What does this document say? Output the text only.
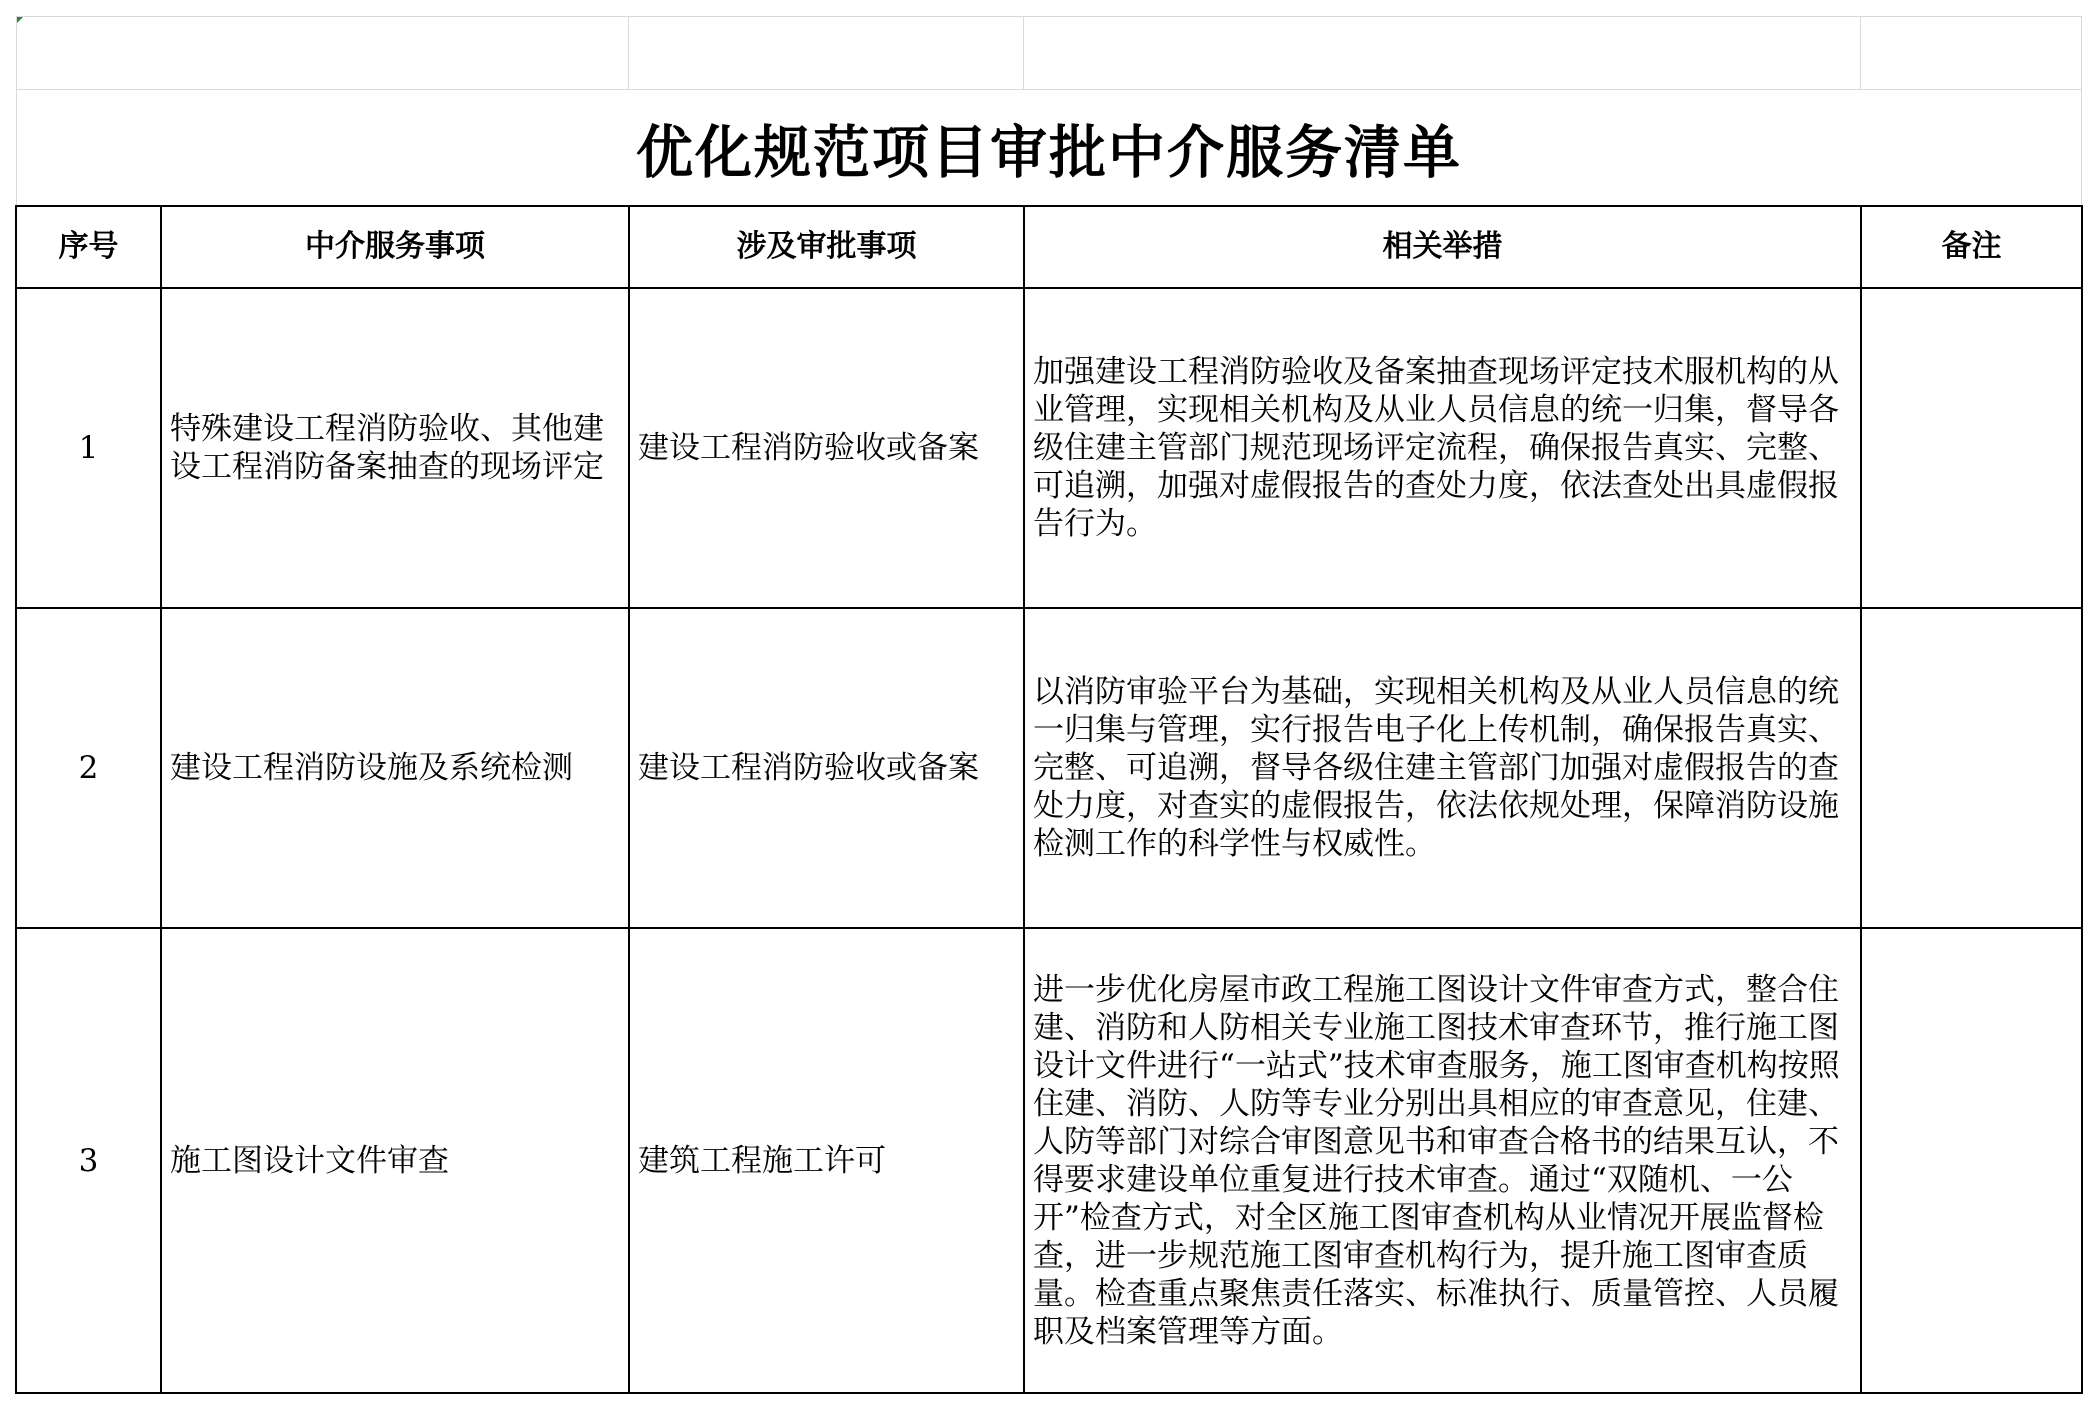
优化规范项目审批中介服务清单
序号	中介服务事项	涉及审批事项	相关举措	备注
1	特殊建设工程消防验收、其他建设工程消防备案抽查的现场评定	建设工程消防验收或备案	加强建设工程消防验收及备案抽查现场评定技术服机构的从业管理，实现相关机构及从业人员信息的统一归集，督导各级住建主管部门规范现场评定流程，确保报告真实、完整、可追溯，加强对虚假报告的查处力度，依法查处出具虚假报告行为。	
2	建设工程消防设施及系统检测	建设工程消防验收或备案	以消防审验平台为基础，实现相关机构及从业人员信息的统一归集与管理，实行报告电子化上传机制，确保报告真实、完整、可追溯，督导各级住建主管部门加强对虚假报告的查处力度，对查实的虚假报告，依法依规处理，保障消防设施检测工作的科学性与权威性。	
3	施工图设计文件审查	建筑工程施工许可	进一步优化房屋市政工程施工图设计文件审查方式，整合住建、消防和人防相关专业施工图技术审查环节，推行施工图设计文件进行“一站式”技术审查服务，施工图审查机构按照住建、消防、人防等专业分别出具相应的审查意见，住建、人防等部门对综合审图意见书和审查合格书的结果互认，不得要求建设单位重复进行技术审查。通过“双随机、一公开”检查方式，对全区施工图审查机构从业情况开展监督检查，进一步规范施工图审查机构行为，提升施工图审查质量。检查重点聚焦责任落实、标准执行、质量管控、人员履职及档案管理等方面。	
